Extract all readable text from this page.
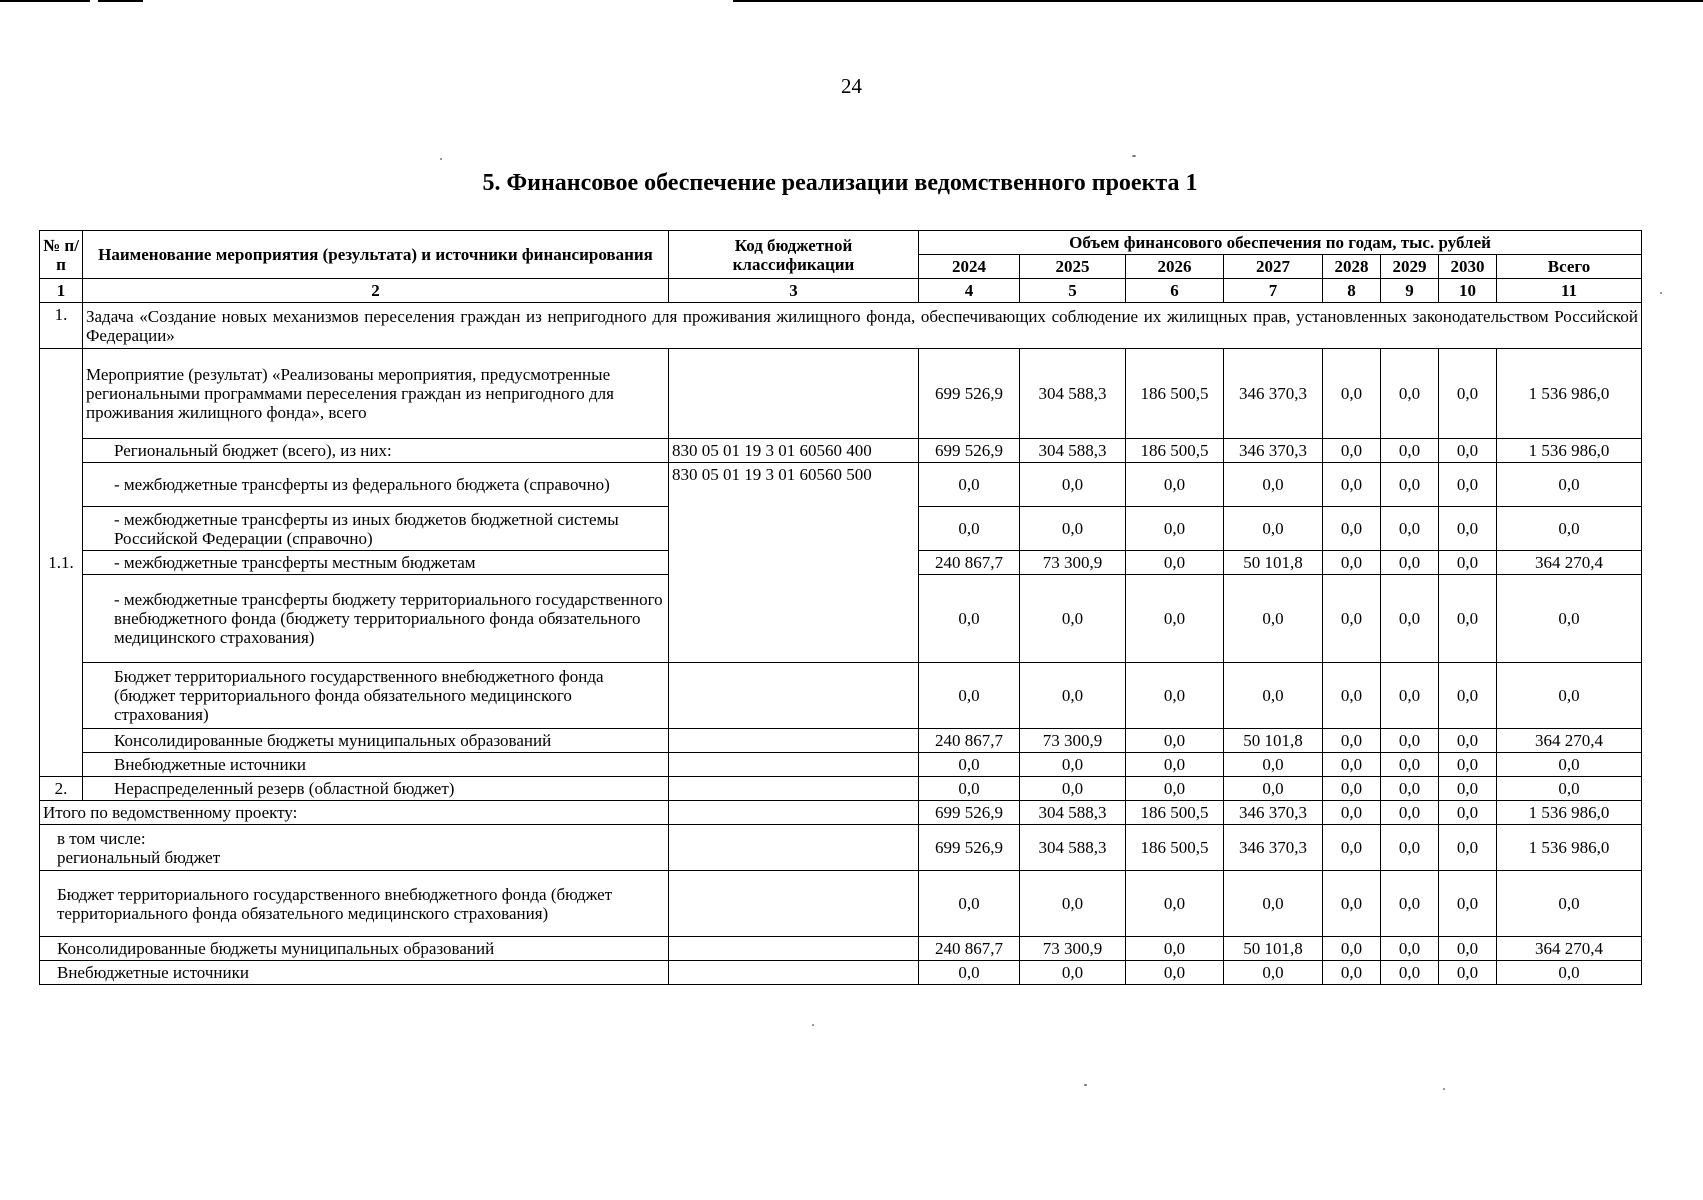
24
5. Финансовое обеспечение реализации ведомственного проекта 1
№ п/п	Наименование мероприятия (результата) и источники финансирования	Код бюджетной классификации	Объем финансового обеспечения по годам, тыс. рублей							
			2024	2025	2026	2027	2028	2029	2030	Всего
1	2	3	4	5	6	7	8	9	10	11
1.	Задача «Создание новых механизмов переселения граждан из непригодного для проживания жилищного фонда, обеспечивающих соблюдение их жилищных прав, установленных законодательством Российской Федерации»									
1.1.	Мероприятие (результат) «Реализованы мероприятия, предусмотренные региональными программами переселения граждан из непригодного для проживания жилищного фонда», всего		699 526,9	304 588,3	186 500,5	346 370,3	0,0	0,0	0,0	1 536 986,0
	Региональный бюджет (всего), из них:	830 05 01 19 3 01 60560 400	699 526,9	304 588,3	186 500,5	346 370,3	0,0	0,0	0,0	1 536 986,0
	- межбюджетные трансферты из федерального бюджета (справочно)	830 05 01 19 3 01 60560 500	0,0	0,0	0,0	0,0	0,0	0,0	0,0	0,0
	- межбюджетные трансферты из иных бюджетов бюджетной системы Российской Федерации (справочно)		0,0	0,0	0,0	0,0	0,0	0,0	0,0	0,0
	- межбюджетные трансферты местным бюджетам		240 867,7	73 300,9	0,0	50 101,8	0,0	0,0	0,0	364 270,4
	- межбюджетные трансферты бюджету территориального государственного внебюджетного фонда (бюджету территориального фонда обязательного медицинского страхования)		0,0	0,0	0,0	0,0	0,0	0,0	0,0	0,0
	Бюджет территориального государственного внебюджетного фонда (бюджет территориального фонда обязательного медицинского страхования)		0,0	0,0	0,0	0,0	0,0	0,0	0,0	0,0
	Консолидированные бюджеты муниципальных образований		240 867,7	73 300,9	0,0	50 101,8	0,0	0,0	0,0	364 270,4
	Внебюджетные источники		0,0	0,0	0,0	0,0	0,0	0,0	0,0	0,0
2.	Нераспределенный резерв (областной бюджет)		0,0	0,0	0,0	0,0	0,0	0,0	0,0	0,0
Итого по ведомственному проекту:			699 526,9	304 588,3	186 500,5	346 370,3	0,0	0,0	0,0	1 536 986,0

в том числе:
региональный бюджет			699 526,9	304 588,3	186 500,5	346 370,3	0,0	0,0	0,0	1 536 986,0
Бюджет территориального государственного внебюджетного фонда (бюджет территориального фонда обязательного медицинского страхования)			0,0	0,0	0,0	0,0	0,0	0,0	0,0	0,0
Консолидированные бюджеты муниципальных образований			240 867,7	73 300,9	0,0	50 101,8	0,0	0,0	0,0	364 270,4
Внебюджетные источники			0,0	0,0	0,0	0,0	0,0	0,0	0,0	0,0
